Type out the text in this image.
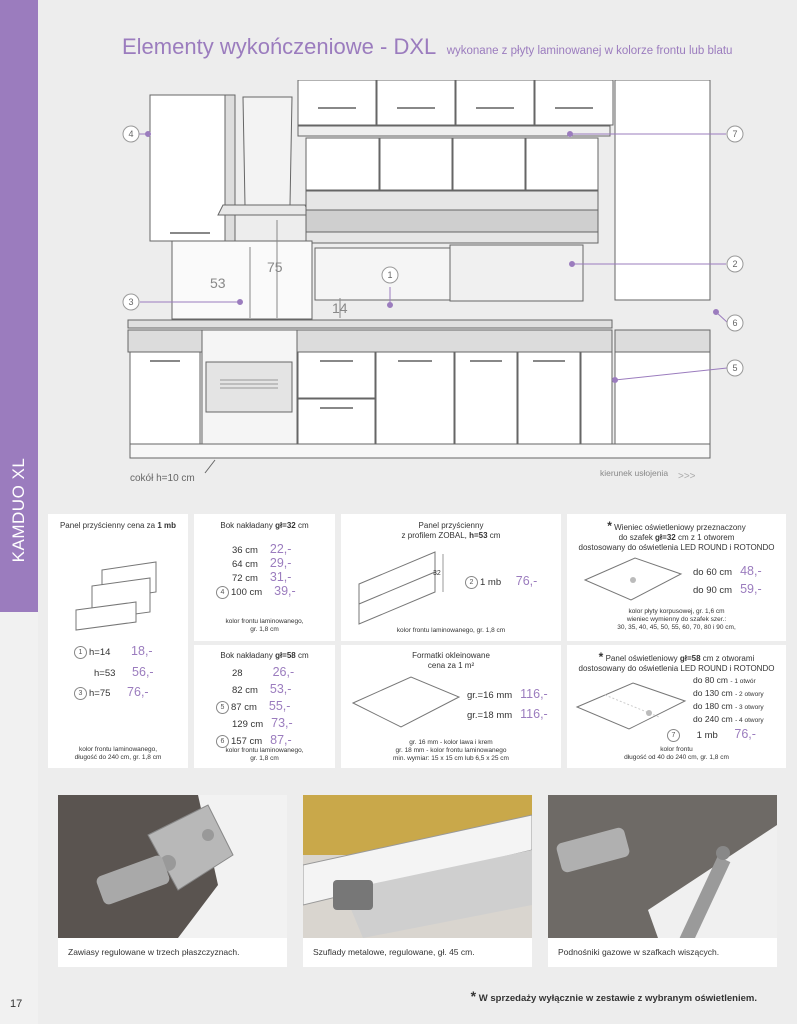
KAMDUO XL
17
Elementy wykończeniowe - DXL wykonane z płyty laminowanej w kolorze frontu lub blatu
53
75
14
4
3
1
7
2
6
5
cokół h=10 cm	kierunek usłojenia >>>
Panel przyścienny cena za 1 mb
1 h=14 18,-
h=53 56,-
3 h=75 76,-
kolor frontu laminowanego,
długość do 240 cm, gr. 1,8 cm
Bok nakładany gł=32 cm
36 cm 22,-
64 cm 29,-
72 cm 31,-
4 100 cm 39,-
kolor frontu laminowanego,
gr. 1,8 cm
Bok nakładany gł=58 cm
28 26,-
82 cm 53,-
5 87 cm 55,-
129 cm 73,-
6 157 cm 87,-
kolor frontu laminowanego,
gr. 1,8 cm
Panel przyścienny
z profilem ZOBAL, h=53 cm
32
2 1 mb 76,-
kolor frontu laminowanego, gr. 1,8 cm
Formatki okleinowane
cena za 1 m²
gr.=16 mm 116,-
gr.=18 mm 116,-
gr. 16 mm - kolor lawa i krem
gr. 18 mm - kolor frontu laminowanego
min. wymiar: 15 x 15 cm lub 6,5 x 25 cm
* Wieniec oświetleniowy przeznaczony
do szafek gł=32 cm z 1 otworem
dostosowany do oświetlenia LED ROUND i ROTONDO
do 60 cm 48,-
do 90 cm 59,-
kolor płyty korpusowej, gr. 1,6 cm
wieniec wymienny do szafek szer.:
30, 35, 40, 45, 50, 55, 60, 70, 80 i 90 cm,
* Panel oświetleniowy gł=58 cm z otworami
dostosowany do oświetlenia LED ROUND i ROTONDO
do 80 cm - 1 otwór
do 130 cm - 2 otwory
do 180 cm - 3 otwory
do 240 cm - 4 otwory
7 1 mb 76,-
kolor frontu
długość od 40 do 240 cm, gr. 1,8 cm
Zawiasy regulowane w trzech płaszczyznach.	Szuflady metalowe, regulowane, gł. 45 cm.	Podnośniki gazowe w szafkach wiszących.
* W sprzedaży wyłącznie w zestawie z wybranym oświetleniem.
